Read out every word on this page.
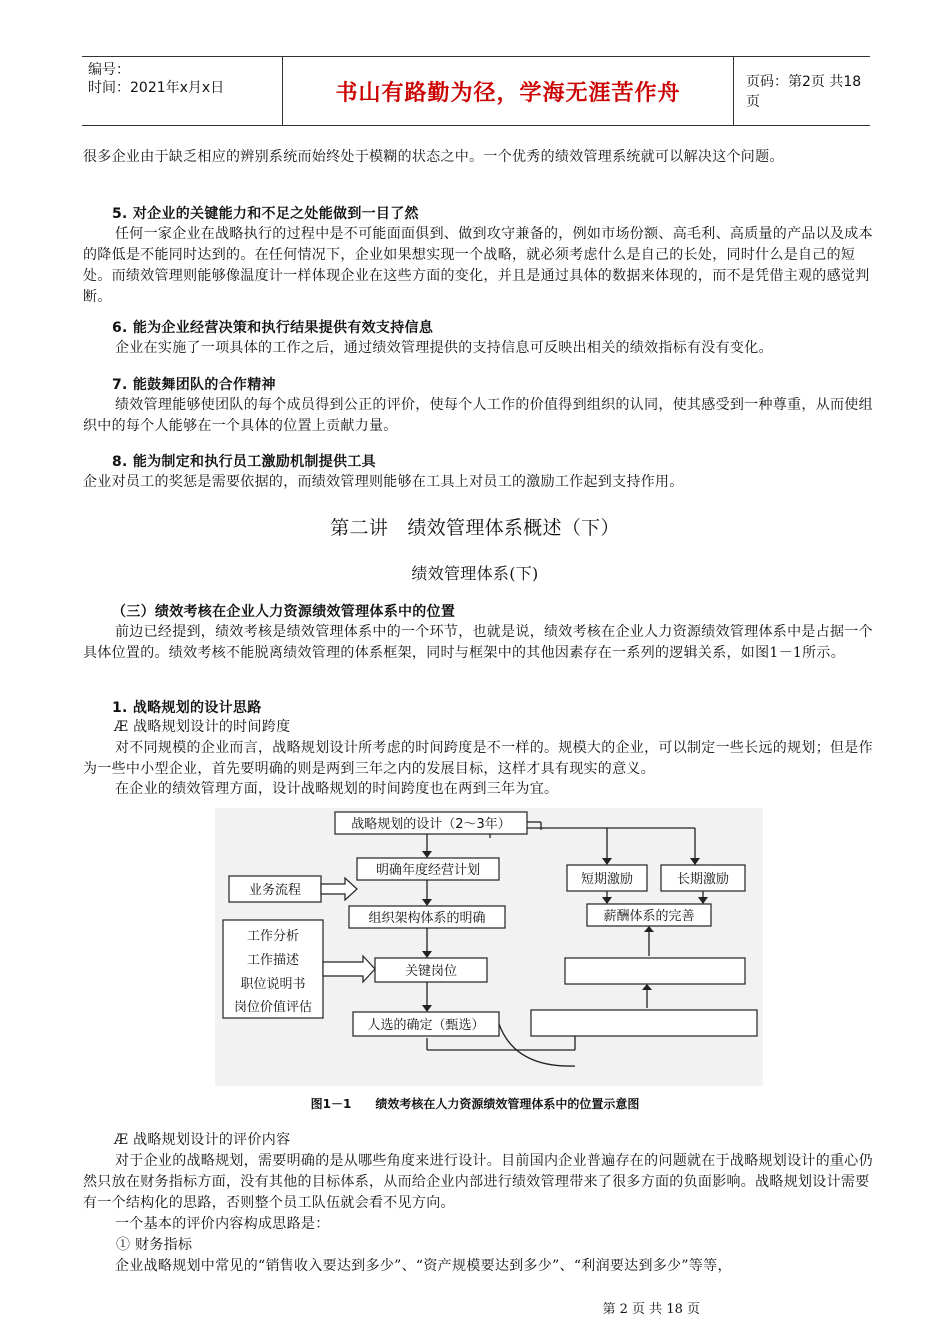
编号：
时间：2021年x月x日	书山有路勤为径，学海无涯苦作舟	页码：第2页 共18页

很多企业由于缺乏相应的辨别系统而始终处于模糊的状态之中。一个优秀的绩效管理系统就可以解决这个问题。

5. 对企业的关键能力和不足之处能做到一目了然

任何一家企业在战略执行的过程中是不可能面面俱到、做到攻守兼备的，例如市场份额、高毛利、高质量的产品以及成本的降低是不能同时达到的。在任何情况下，企业如果想实现一个战略，就必须考虑什么是自己的长处，同时什么是自己的短处。而绩效管理则能够像温度计一样体现企业在这些方面的变化，并且是通过具体的数据来体现的，而不是凭借主观的感觉判断。

6. 能为企业经营决策和执行结果提供有效支持信息

企业在实施了一项具体的工作之后，通过绩效管理提供的支持信息可反映出相关的绩效指标有没有变化。

7. 能鼓舞团队的合作精神

绩效管理能够使团队的每个成员得到公正的评价，使每个人工作的价值得到组织的认同，使其感受到一种尊重，从而使组织中的每个人能够在一个具体的位置上贡献力量。

8. 能为制定和执行员工激励机制提供工具

企业对员工的奖惩是需要依据的，而绩效管理则能够在工具上对员工的激励工作起到支持作用。

第二讲　绩效管理体系概述（下）

绩效管理体系(下)

（三）绩效考核在企业人力资源绩效管理体系中的位置

前边已经提到，绩效考核是绩效管理体系中的一个环节，也就是说，绩效考核在企业人力资源绩效管理体系中是占据一个具体位置的。绩效考核不能脱离绩效管理的体系框架，同时与框架中的其他因素存在一系列的逻辑关系，如图1－1所示。

1. 战略规划的设计思路

Æ 战略规划设计的时间跨度

对不同规模的企业而言，战略规划设计所考虑的时间跨度是不一样的。规模大的企业，可以制定一些长远的规划；但是作为一些中小型企业，首先要明确的则是两到三年之内的发展目标，这样才具有现实的意义。

在企业的绩效管理方面，设计战略规划的时间跨度也在两到三年为宜。

战略规划的设计（2～3年）
明确年度经营计划
业务流程
组织架构体系的明确
工作分析
工作描述
职位说明书
岗位价值评估
关键岗位
人选的确定（甄选）
短期激励	长期激励
薪酬体系的完善
图1－1　　绩效考核在人力资源绩效管理体系中的位置示意图

Æ 战略规划设计的评价内容

对于企业的战略规划，需要明确的是从哪些角度来进行设计。目前国内企业普遍存在的问题就在于战略规划设计的重心仍然只放在财务指标方面，没有其他的目标体系，从而给企业内部进行绩效管理带来了很多方面的负面影响。战略规划设计需要有一个结构化的思路，否则整个员工队伍就会看不见方向。

一个基本的评价内容构成思路是：

① 财务指标

企业战略规划中常见的“销售收入要达到多少”、“资产规模要达到多少”、“利润要达到多少”等等，

第 2 页 共 18 页
